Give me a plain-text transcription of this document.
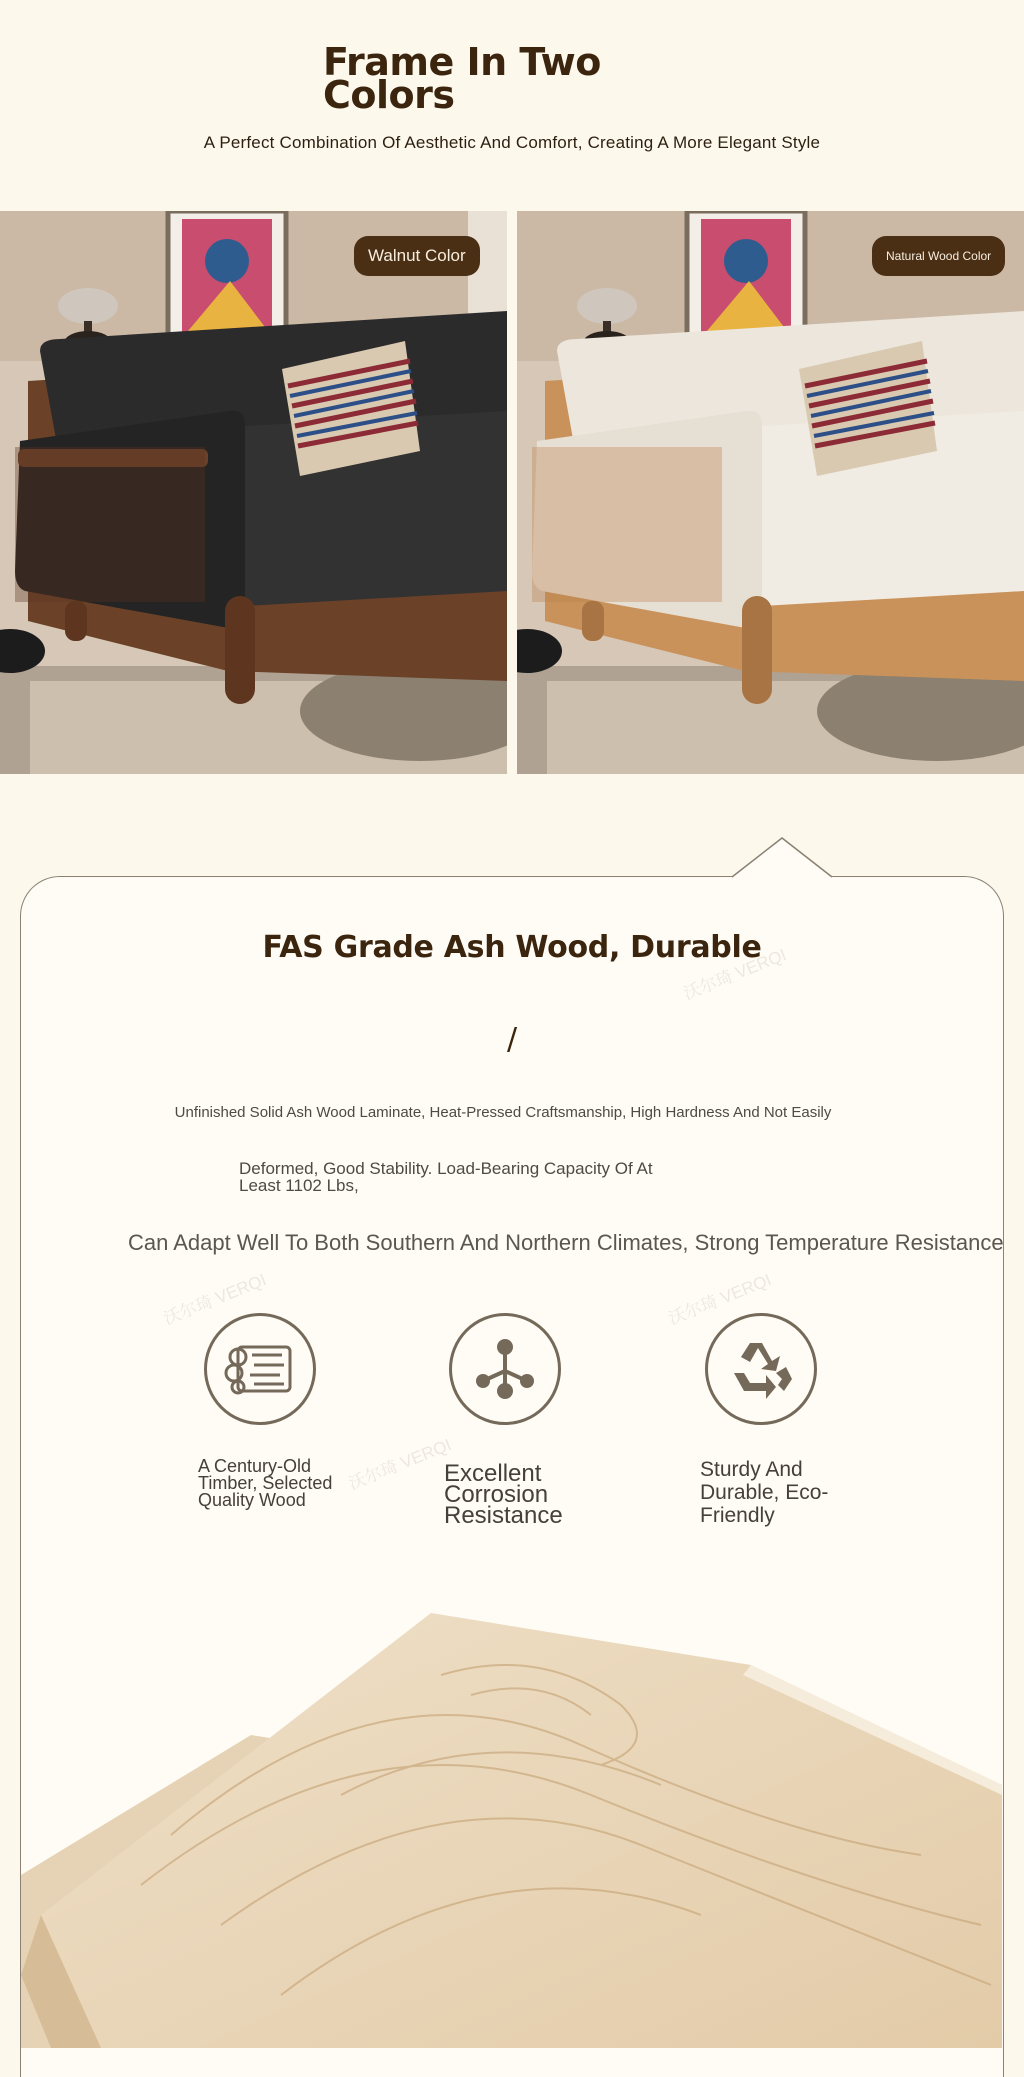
Frame In Two Colors
A Perfect Combination Of Aesthetic And Comfort, Creating A More Elegant Style
Walnut Color	Natural Wood Color
沃尔琦 VERQI
沃尔琦 VERQI	沃尔琦 VERQI
沃尔琦 VERQI
FAS Grade Ash Wood, Durable
/
Unfinished Solid Ash Wood Laminate, Heat-Pressed Craftsmanship, High Hardness And Not Easily
Deformed, Good Stability. Load-Bearing Capacity Of At Least 1102 Lbs,
Can Adapt Well To Both Southern And Northern Climates, Strong Temperature Resistance
A Century-Old Timber, Selected Quality Wood
Excellent Corrosion Resistance
Sturdy And Durable, Eco-Friendly
